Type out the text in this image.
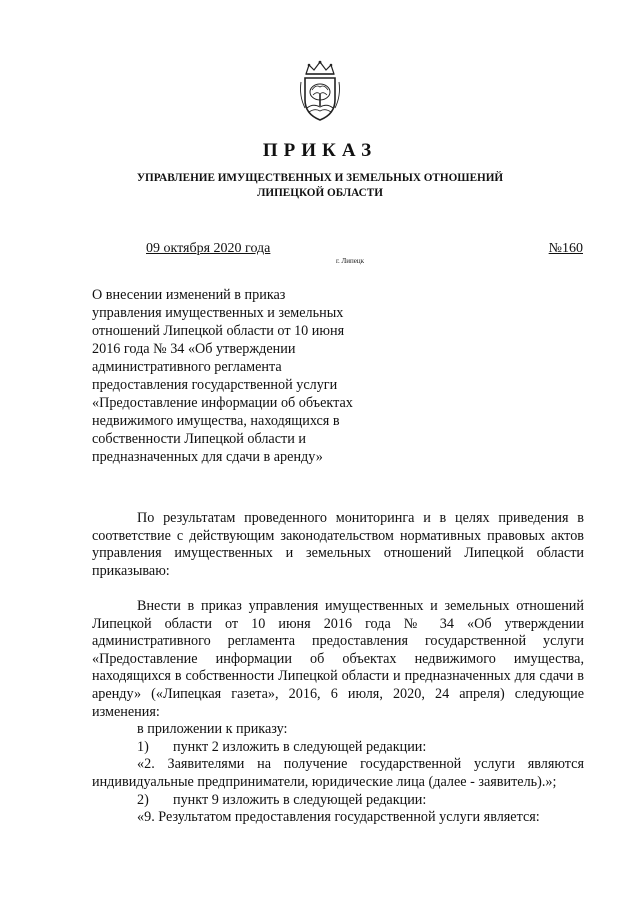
ПРИКАЗ
УПРАВЛЕНИЕ ИМУЩЕСТВЕННЫХ И ЗЕМЕЛЬНЫХ ОТНОШЕНИЙ
ЛИПЕЦКОЙ ОБЛАСТИ
09 октября 2020 года	№160
г. Липецк
О внесении изменений в приказ
управления имущественных и земельных
отношений Липецкой области от 10 июня
2016 года № 34 «Об утверждении
административного регламента
предоставления государственной услуги
«Предоставление информации об объектах
недвижимого имущества, находящихся в
собственности Липецкой области и
предназначенных для сдачи в аренду»

По результатам проведенного мониторинга и в целях приведения в соответствие с действующим законодательством нормативных правовых актов управления имущественных и земельных отношений Липецкой области приказываю:

Внести в приказ управления имущественных и земельных отношений Липецкой области от 10 июня 2016 года № 34 «Об утверждении административного регламента предоставления государственной услуги «Предоставление информации об объектах недвижимого имущества, находящихся в собственности Липецкой области и предназначенных для сдачи в аренду» («Липецкая газета», 2016, 6 июля, 2020, 24 апреля) следующие изменения:

в приложении к приказу:
1) пункт 2 изложить в следующей редакции:

«2. Заявителями на получение государственной услуги являются индивидуальные предприниматели, юридические лица (далее - заявитель).»;

2) пункт 9 изложить в следующей редакции:

«9. Результатом предоставления государственной услуги является:
